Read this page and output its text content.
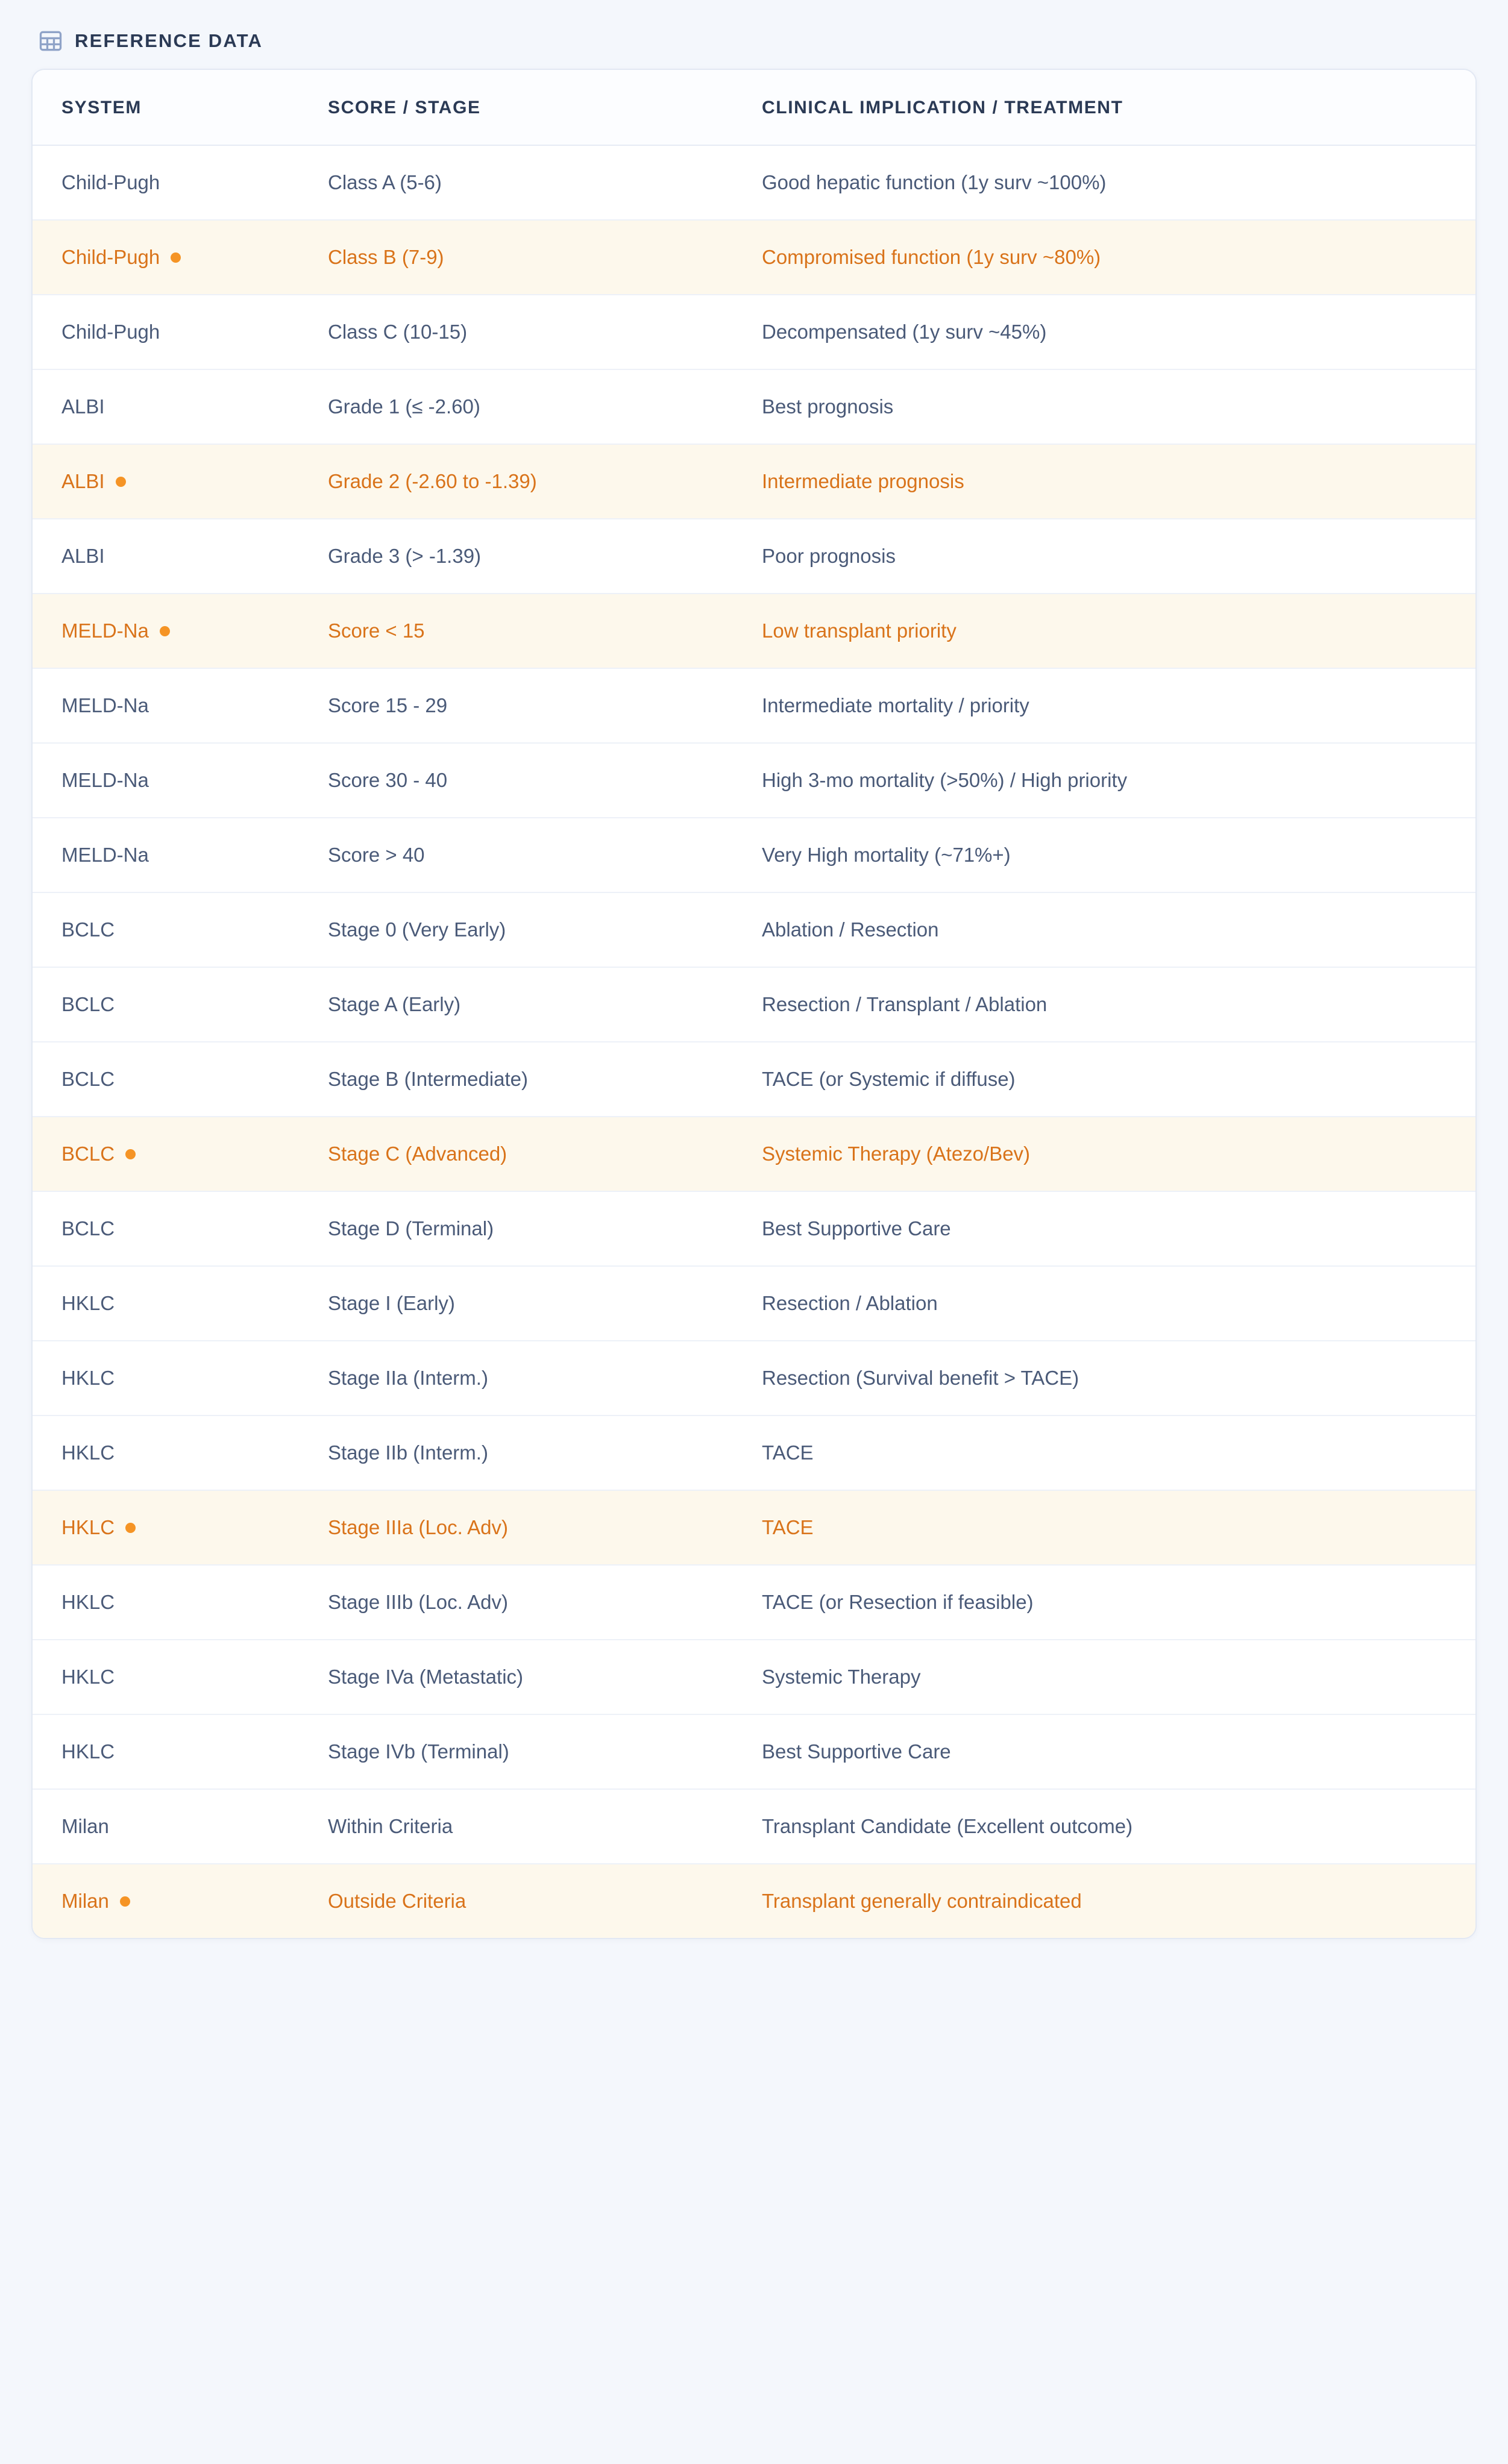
REFERENCE DATA
SYSTEM	SCORE / STAGE	CLINICAL IMPLICATION / TREATMENT

Child-Pugh	Class A (5-6)	Good hepatic function (1y surv ~100%)

Child-Pugh	Class B (7-9)	Compromised function (1y surv ~80%)

Child-Pugh	Class C (10-15)	Decompensated (1y surv ~45%)

ALBI	Grade 1 (≤ -2.60)	Best prognosis

ALBI	Grade 2 (-2.60 to -1.39)	Intermediate prognosis

ALBI	Grade 3 (> -1.39)	Poor prognosis

MELD-Na	Score < 15	Low transplant priority

MELD-Na	Score 15 - 29	Intermediate mortality / priority

MELD-Na	Score 30 - 40	High 3-mo mortality (>50%) / High priority

MELD-Na	Score > 40	Very High mortality (~71%+)

BCLC	Stage 0 (Very Early)	Ablation / Resection

BCLC	Stage A (Early)	Resection / Transplant / Ablation

BCLC	Stage B (Intermediate)	TACE (or Systemic if diffuse)

BCLC	Stage C (Advanced)	Systemic Therapy (Atezo/Bev)

BCLC	Stage D (Terminal)	Best Supportive Care

HKLC	Stage I (Early)	Resection / Ablation

HKLC	Stage IIa (Interm.)	Resection (Survival benefit > TACE)

HKLC	Stage IIb (Interm.)	TACE

HKLC	Stage IIIa (Loc. Adv)	TACE

HKLC	Stage IIIb (Loc. Adv)	TACE (or Resection if feasible)

HKLC	Stage IVa (Metastatic)	Systemic Therapy

HKLC	Stage IVb (Terminal)	Best Supportive Care

Milan	Within Criteria	Transplant Candidate (Excellent outcome)

Milan	Outside Criteria	Transplant generally contraindicated
